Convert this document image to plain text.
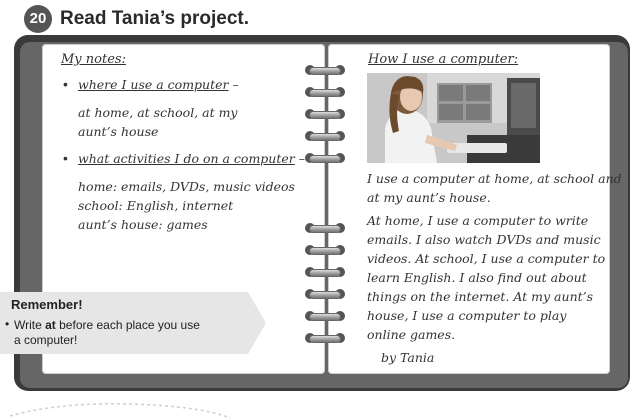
20 Read Tania’s project.
My notes:
• where I use a computer –
at home, at school, at my
aunt’s house
• what activities I do on a computer –
home: emails, DVDs, music videos
school: English, internet
aunt’s house: games
How I use a computer:
I use a computer at home, at school and
at my aunt’s house.
At home, I use a computer to write
emails. I also watch DVDs and music
videos. At school, I use a computer to
learn English. I also find out about
things on the internet. At my aunt’s
house, I use a computer to play
online games.
by Tania
Remember!
• Write at before each place you use
a computer!
